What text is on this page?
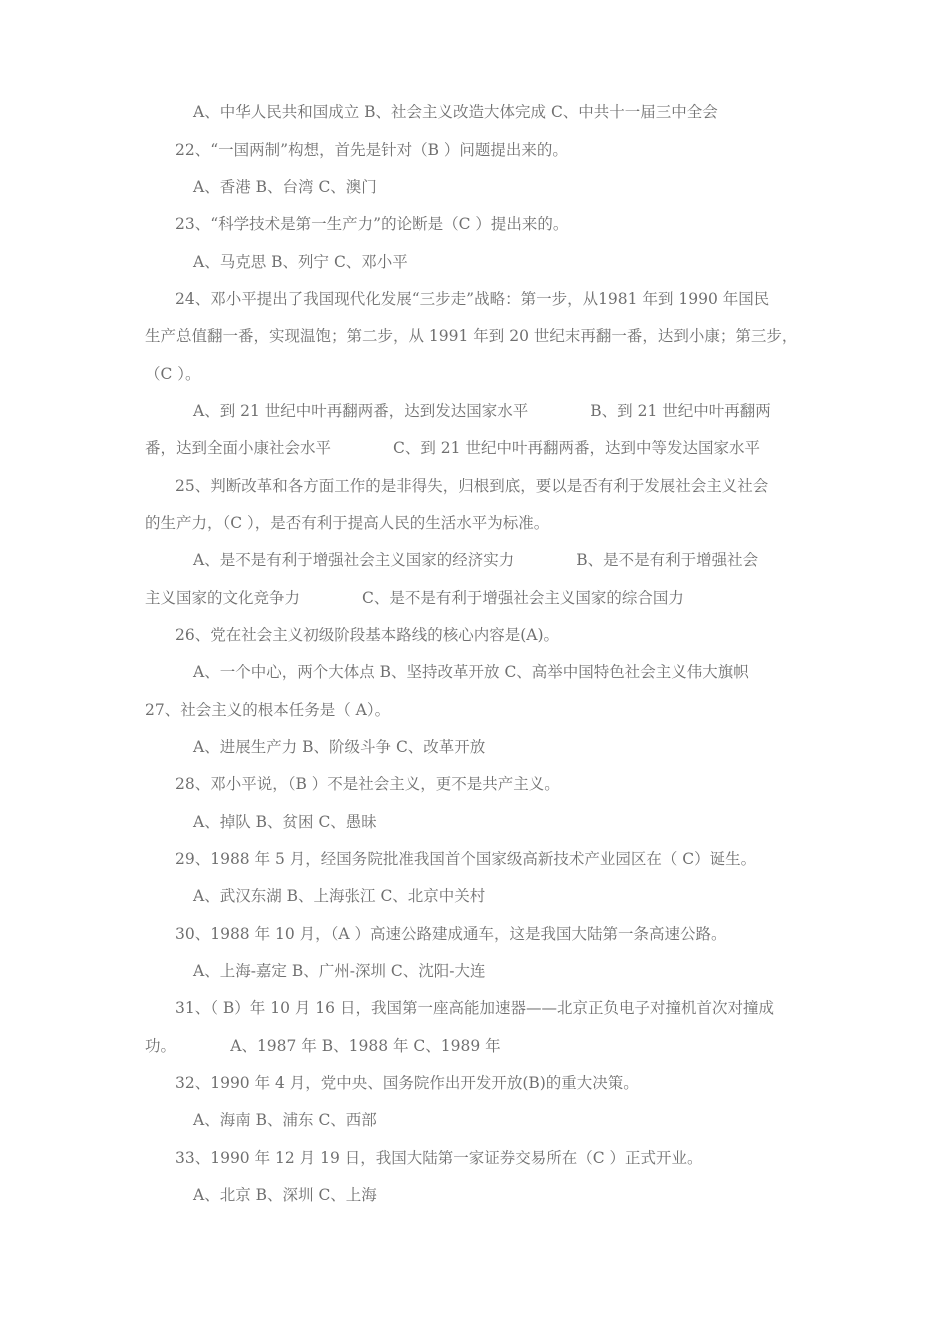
A、中华人民共和国成立 B、社会主义改造大体完成 C、中共十一届三中全会
22、“一国两制”构想，首先是针对（B ）问题提出来的。
A、香港 B、台湾 C、澳门
23、“科学技术是第一生产力”的论断是（C ）提出来的。
A、马克思 B、列宁 C、邓小平
24、邓小平提出了我国现代化发展“三步走”战略：第一步，从1981 年到 1990 年国民
生产总值翻一番，实现温饱；第二步，从 1991 年到 20 世纪末再翻一番，达到小康；第三步，
（C ）。
A、到 21 世纪中叶再翻两番，达到发达国家水平　　　　B、到 21 世纪中叶再翻两
番，达到全面小康社会水平　　　　C、到 21 世纪中叶再翻两番，达到中等发达国家水平
25、判断改革和各方面工作的是非得失，归根到底，要以是否有利于发展社会主义社会
的生产力，（C ），是否有利于提高人民的生活水平为标准。
A、是不是有利于增强社会主义国家的经济实力　　　　B、是不是有利于增强社会
主义国家的文化竞争力　　　　C、是不是有利于增强社会主义国家的综合国力
26、党在社会主义初级阶段基本路线的核心内容是(A)。
A、一个中心，两个大体点 B、坚持改革开放 C、高举中国特色社会主义伟大旗帜
27、社会主义的根本任务是（ A）。
A、进展生产力 B、阶级斗争 C、改革开放
28、邓小平说，（B ）不是社会主义，更不是共产主义。
A、掉队 B、贫困 C、愚昧
29、1988 年 5 月，经国务院批准我国首个国家级高新技术产业园区在（ C）诞生。
A、武汉东湖 B、上海张江 C、北京中关村
30、1988 年 10 月，（A ）高速公路建成通车，这是我国大陆第一条高速公路。
A、上海-嘉定 B、广州-深圳 C、沈阳-大连
31、（ B）年 10 月 16 日，我国第一座高能加速器——北京正负电子对撞机首次对撞成
功。　　　　A、1987 年 B、1988 年 C、1989 年
32、1990 年 4 月，党中央、国务院作出开发开放(B)的重大决策。
A、海南 B、浦东 C、西部
33、1990 年 12 月 19 日，我国大陆第一家证券交易所在（C ）正式开业。
A、北京 B、深圳 C、上海
